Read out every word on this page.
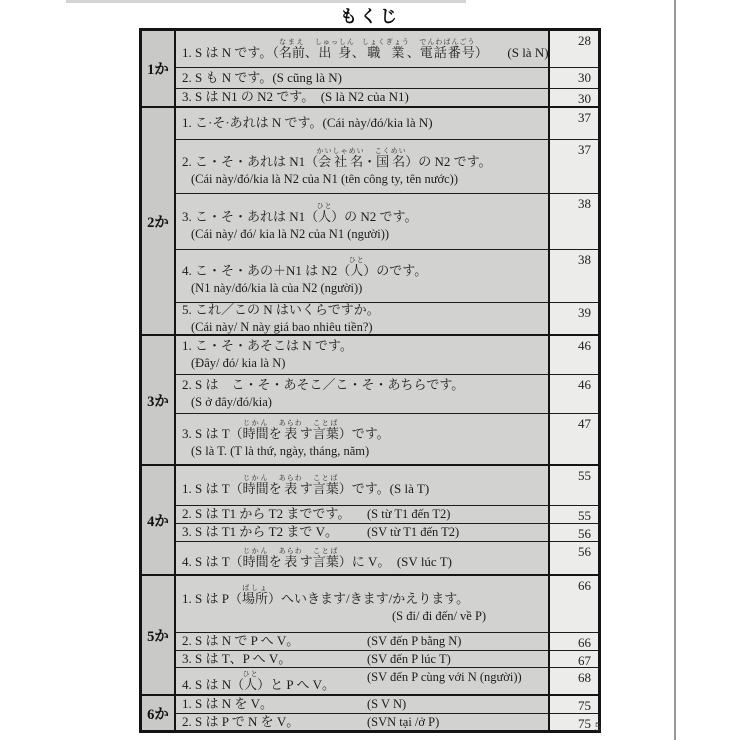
もくじ
1か
1. S は N です。（名前なまえ、出身しゅっしん、職業しょくぎょう、電話番号でんわばんごう）　　(S là N)
28
2. S も N です。(S cũng là N)	30
3. S は N1 の N2 です。　(S là N2 của N1)	30
2か
1. こ·そ·あれは N です。(Cái này/đó/kia là N)	37
2. こ・そ・あれは N1（会社名かいしゃめい・国名こくめい）の N2 です。
(Cái này/đó/kia là N2 của N1 (tên công ty, tên nước))
37
3. こ・そ・あれは N1（人ひと）の N2 です。
(Cái này/ đó/ kia là N2 của N1 (người))
38
4. こ・そ・あの＋N1 は N2（人ひと）のです。
(N1 này/đó/kia là của N2 (người))
38
5. これ／この N はいくらですか。
(Cái này/ N này giá bao nhiêu tiền?)
39
3か
1. こ・そ・あそこは N です。
(Đây/ đó/ kia là N)
46
2. S は　こ・そ・あそこ／こ・そ・あちらです。
(S ở đây/đó/kia)
46
3. S は T（時間じかんを表あらわす言葉ことば）です。
(S là T. (T là thứ, ngày, tháng, năm)
47
4か
1. S は T（時間じかんを表あらわす言葉ことば）です。(S là T)
55
2. S は T1 から T2 までです。 (S từ T1 đến T2)	55
3. S は T1 から T2 まで V。 (SV từ T1 đến T2)	56
4. S は T（時間じかんを表あらわす言葉ことば）に V。　(SV lúc T)
56
5か
1. S は P（場所ばしょ）へいきます/きます/かえります。
(S đi/ đi đến/ về P)
66
2. S は N で P へ V。	(SV đến P bằng N)	66
3. S は T、P へ V。	(SV đến P lúc T)	67
4. S は N（人ひと）と P へ V。	(SV đến P cùng với N (người))	68
6か
1. S は N を V。	(S V N)	75
2. S は P で N を V。	(SVN tại /ở P)	75 5
